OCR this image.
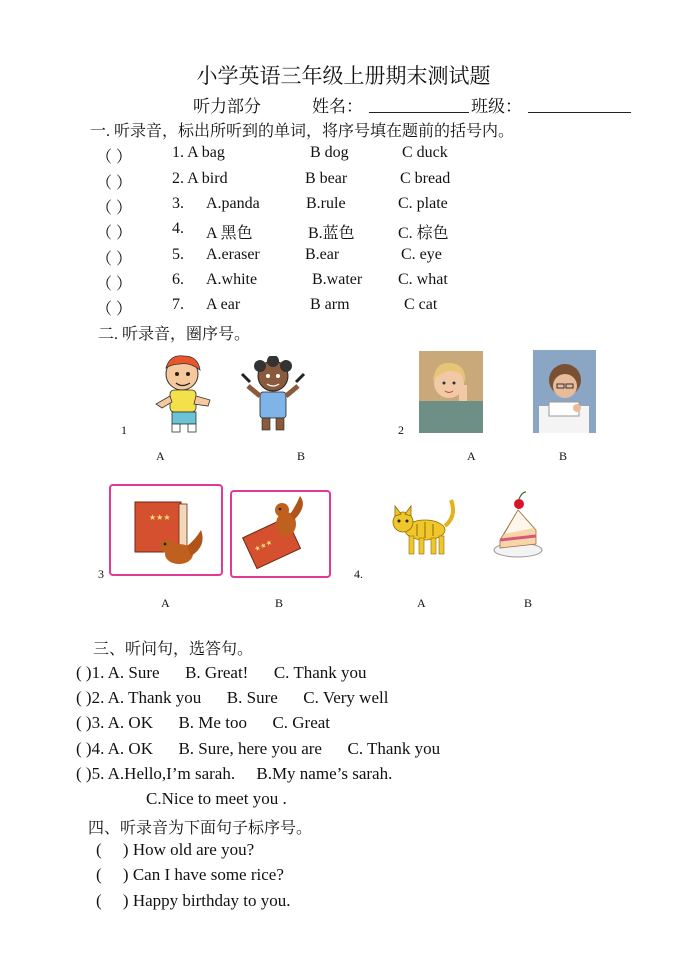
小学英语三年级上册期末测试题
听力部分	姓名：	班级：
一. 听录音，标出所听到的单词，将序号填在题前的括号内。
（ ） 1. A bag	B dog	C duck
（ ） 2. A bird	B bear	C bread
（ ） 3. A.panda	B.rule	C. plate
（ ） 4. A 黑色	B.蓝色	C. 棕色
（ ） 5. A.eraser	B.ear	C. eye
（ ） 6. A.white	B.water C. what
（ ） 7. A ear	B arm	C cat
二. 听录音，圈序号。
1
A	B
2
A	B
3
★★★
★★★
A	B
4.
A	B
三、听问句，选答句。
( )1. A. Sure      B. Great!      C. Thank you
( )2. A. Thank you      B. Sure      C. Very well
( )3. A. OK      B. Me too      C. Great
( )4. A. OK      B. Sure, here you are      C. Thank you
( )5. A.Hello,I’m sarah.     B.My name’s sarah.
C.Nice to meet you .
四、听录音为下面句子标序号。
(     ) How old are you?
(     ) Can I have some rice?
(     ) Happy birthday to you.
